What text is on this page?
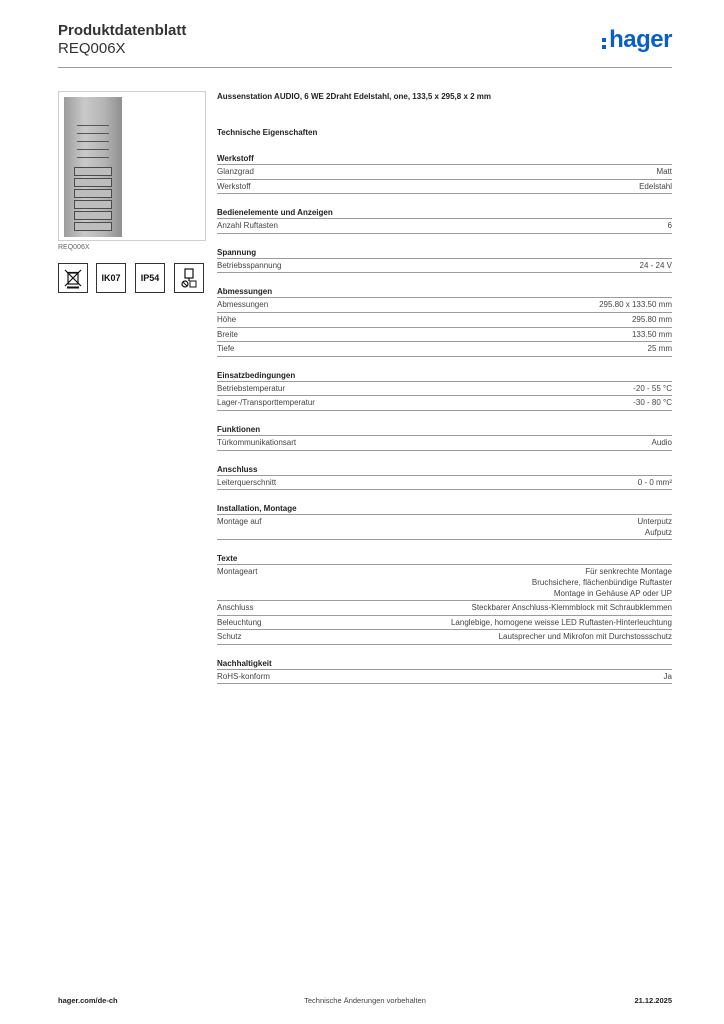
Produktdatenblatt
REQ006X	hager
REQ006X
IK07	IP54
Aussenstation AUDIO, 6 WE 2Draht Edelstahl, one, 133,5 x 295,8 x 2 mm
Technische Eigenschaften
Werkstoff
Glanzgrad	Matt
Werkstoff	Edelstahl
Bedienelemente und Anzeigen
Anzahl Ruftasten	6
Spannung
Betriebsspannung	24 - 24 V
Abmessungen
Abmessungen	295.80 x 133.50 mm
Höhe	295.80 mm
Breite	133.50 mm
Tiefe	25 mm
Einsatzbedingungen
Betriebstemperatur	-20 - 55 °C
Lager-/Transporttemperatur	-30 - 80 °C
Funktionen
Türkommunikationsart	Audio
Anschluss
Leiterquerschnitt	0 - 0 mm²
Installation, Montage
Montage auf	Unterputz
Aufputz
Texte
Montageart	Für senkrechte Montage
Bruchsichere, flächenbündige Ruftaster
Montage in Gehäuse AP oder UP
Anschluss	Steckbarer Anschluss-Klemmblock mit Schraubklemmen
Beleuchtung	Langlebige, homogene weisse LED Ruftasten-Hinterleuchtung
Schutz	Lautsprecher und Mikrofon mit Durchstossschutz
Nachhaltigkeit
RoHS-konform	Ja
hager.com/de-ch	Technische Änderungen vorbehalten	21.12.2025
